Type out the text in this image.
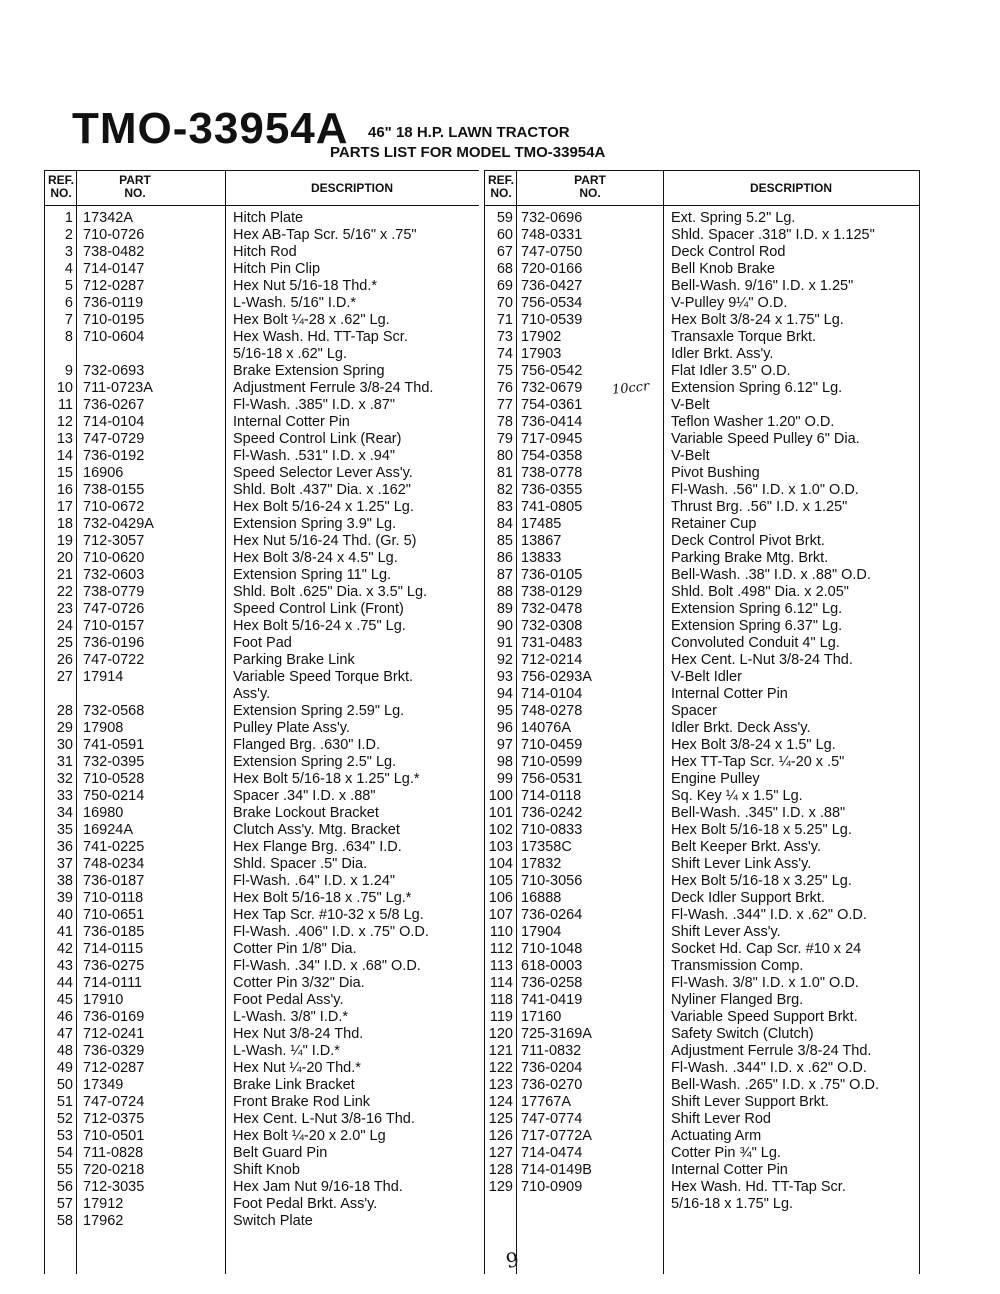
TMO-33954A 46" 18 H.P. LAWN TRACTOR
PARTS LIST FOR MODEL TMO-33954A
REF.
NO.
PART
NO.	DESCRIPTION
1 17342A	Hitch Plate
2 710-0726	Hex AB-Tap Scr. 5/16" x .75"
3 738-0482	Hitch Rod
4 714-0147	Hitch Pin Clip
5 712-0287	Hex Nut 5/16-18 Thd.*
6 736-0119	L-Wash. 5/16" I.D.*
7 710-0195	Hex Bolt ¼-28 x .62" Lg.
8 710-0604	Hex Wash. Hd. TT-Tap Scr.
5/16-18 x .62" Lg.
9 732-0693	Brake Extension Spring
10 711-0723A	Adjustment Ferrule 3/8-24 Thd.
11 736-0267	Fl-Wash. .385" I.D. x .87"
12 714-0104	Internal Cotter Pin
13 747-0729	Speed Control Link (Rear)
14 736-0192	Fl-Wash. .531" I.D. x .94"
15 16906	Speed Selector Lever Ass'y.
16 738-0155	Shld. Bolt .437" Dia. x .162"
17 710-0672	Hex Bolt 5/16-24 x 1.25" Lg.
18 732-0429A	Extension Spring 3.9" Lg.
19 712-3057	Hex Nut 5/16-24 Thd. (Gr. 5)
20 710-0620	Hex Bolt 3/8-24 x 4.5" Lg.
21 732-0603	Extension Spring 11" Lg.
22 738-0779	Shld. Bolt .625" Dia. x 3.5" Lg.
23 747-0726	Speed Control Link (Front)
24 710-0157	Hex Bolt 5/16-24 x .75" Lg.
25 736-0196	Foot Pad
26 747-0722	Parking Brake Link
27 17914	Variable Speed Torque Brkt.
Ass'y.
28 732-0568	Extension Spring 2.59" Lg.
29 17908	Pulley Plate Ass'y.
30 741-0591	Flanged Brg. .630" I.D.
31 732-0395	Extension Spring 2.5" Lg.
32 710-0528	Hex Bolt 5/16-18 x 1.25" Lg.*
33 750-0214	Spacer .34" I.D. x .88"
34 16980	Brake Lockout Bracket
35 16924A	Clutch Ass'y. Mtg. Bracket
36 741-0225	Hex Flange Brg. .634" I.D.
37 748-0234	Shld. Spacer .5" Dia.
38 736-0187	Fl-Wash. .64" I.D. x 1.24"
39 710-0118	Hex Bolt 5/16-18 x .75" Lg.*
40 710-0651	Hex Tap Scr. #10-32 x 5/8 Lg.
41 736-0185	Fl-Wash. .406" I.D. x .75" O.D.
42 714-0115	Cotter Pin 1/8" Dia.
43 736-0275	Fl-Wash. .34" I.D. x .68" O.D.
44 714-0111	Cotter Pin 3/32" Dia.
45 17910	Foot Pedal Ass'y.
46 736-0169	L-Wash. 3/8" I.D.*
47 712-0241	Hex Nut 3/8-24 Thd.
48 736-0329	L-Wash. ¼" I.D.*
49 712-0287	Hex Nut ¼-20 Thd.*
50 17349	Brake Link Bracket
51 747-0724	Front Brake Rod Link
52 712-0375	Hex Cent. L-Nut 3/8-16 Thd.
53 710-0501	Hex Bolt ¼-20 x 2.0" Lg
54 711-0828	Belt Guard Pin
55 720-0218	Shift Knob
56 712-3035	Hex Jam Nut 9/16-18 Thd.
57 17912	Foot Pedal Brkt. Ass'y.
58 17962	Switch Plate
REF.
NO.
PART
NO.	DESCRIPTION
59 732-0696	Ext. Spring 5.2" Lg.
60 748-0331	Shld. Spacer .318" I.D. x 1.125"
67 747-0750	Deck Control Rod
68 720-0166	Bell Knob Brake
69 736-0427	Bell-Wash. 9/16" I.D. x 1.25"
70 756-0534	V-Pulley 9¼" O.D.
71 710-0539	Hex Bolt 3/8-24 x 1.75" Lg.
73 17902	Transaxle Torque Brkt.
74 17903	Idler Brkt. Ass'y.
75 756-0542	Flat Idler 3.5" O.D.
76 732-0679	Extension Spring 6.12" Lg.
77 754-0361	V-Belt
78 736-0414	Teflon Washer 1.20" O.D.
79 717-0945	Variable Speed Pulley 6" Dia.
80 754-0358	V-Belt
81 738-0778	Pivot Bushing
82 736-0355	Fl-Wash. .56" I.D. x 1.0" O.D.
83 741-0805	Thrust Brg. .56" I.D. x 1.25"
84 17485	Retainer Cup
85 13867	Deck Control Pivot Brkt.
86 13833	Parking Brake Mtg. Brkt.
87 736-0105	Bell-Wash. .38" I.D. x .88" O.D.
88 738-0129	Shld. Bolt .498" Dia. x 2.05"
89 732-0478	Extension Spring 6.12" Lg.
90 732-0308	Extension Spring 6.37" Lg.
91 731-0483	Convoluted Conduit 4" Lg.
92 712-0214	Hex Cent. L-Nut 3/8-24 Thd.
93 756-0293A	V-Belt Idler
94 714-0104	Internal Cotter Pin
95 748-0278	Spacer
96 14076A	Idler Brkt. Deck Ass'y.
97 710-0459	Hex Bolt 3/8-24 x 1.5" Lg.
98 710-0599	Hex TT-Tap Scr. ¼-20 x .5"
99 756-0531	Engine Pulley
100 714-0118	Sq. Key ¼ x 1.5" Lg.
101 736-0242	Bell-Wash. .345" I.D. x .88"
102 710-0833	Hex Bolt 5/16-18 x 5.25" Lg.
103 17358C	Belt Keeper Brkt. Ass'y.
104 17832	Shift Lever Link Ass'y.
105 710-3056	Hex Bolt 5/16-18 x 3.25" Lg.
106 16888	Deck Idler Support Brkt.
107 736-0264	Fl-Wash. .344" I.D. x .62" O.D.
110 17904	Shift Lever Ass'y.
112 710-1048	Socket Hd. Cap Scr. #10 x 24
113 618-0003	Transmission Comp.
114 736-0258	Fl-Wash. 3/8" I.D. x 1.0" O.D.
118 741-0419	Nyliner Flanged Brg.
119 17160	Variable Speed Support Brkt.
120 725-3169A	Safety Switch (Clutch)
121 711-0832	Adjustment Ferrule 3/8-24 Thd.
122 736-0204	Fl-Wash. .344" I.D. x .62" O.D.
123 736-0270	Bell-Wash. .265" I.D. x .75" O.D.
124 17767A	Shift Lever Support Brkt.
125 747-0774	Shift Lever Rod
126 717-0772A	Actuating Arm
127 714-0474	Cotter Pin ¾" Lg.
128 714-0149B	Internal Cotter Pin
129 710-0909	Hex Wash. Hd. TT-Tap Scr.
5/16-18 x 1.75" Lg.
10ccr
9
